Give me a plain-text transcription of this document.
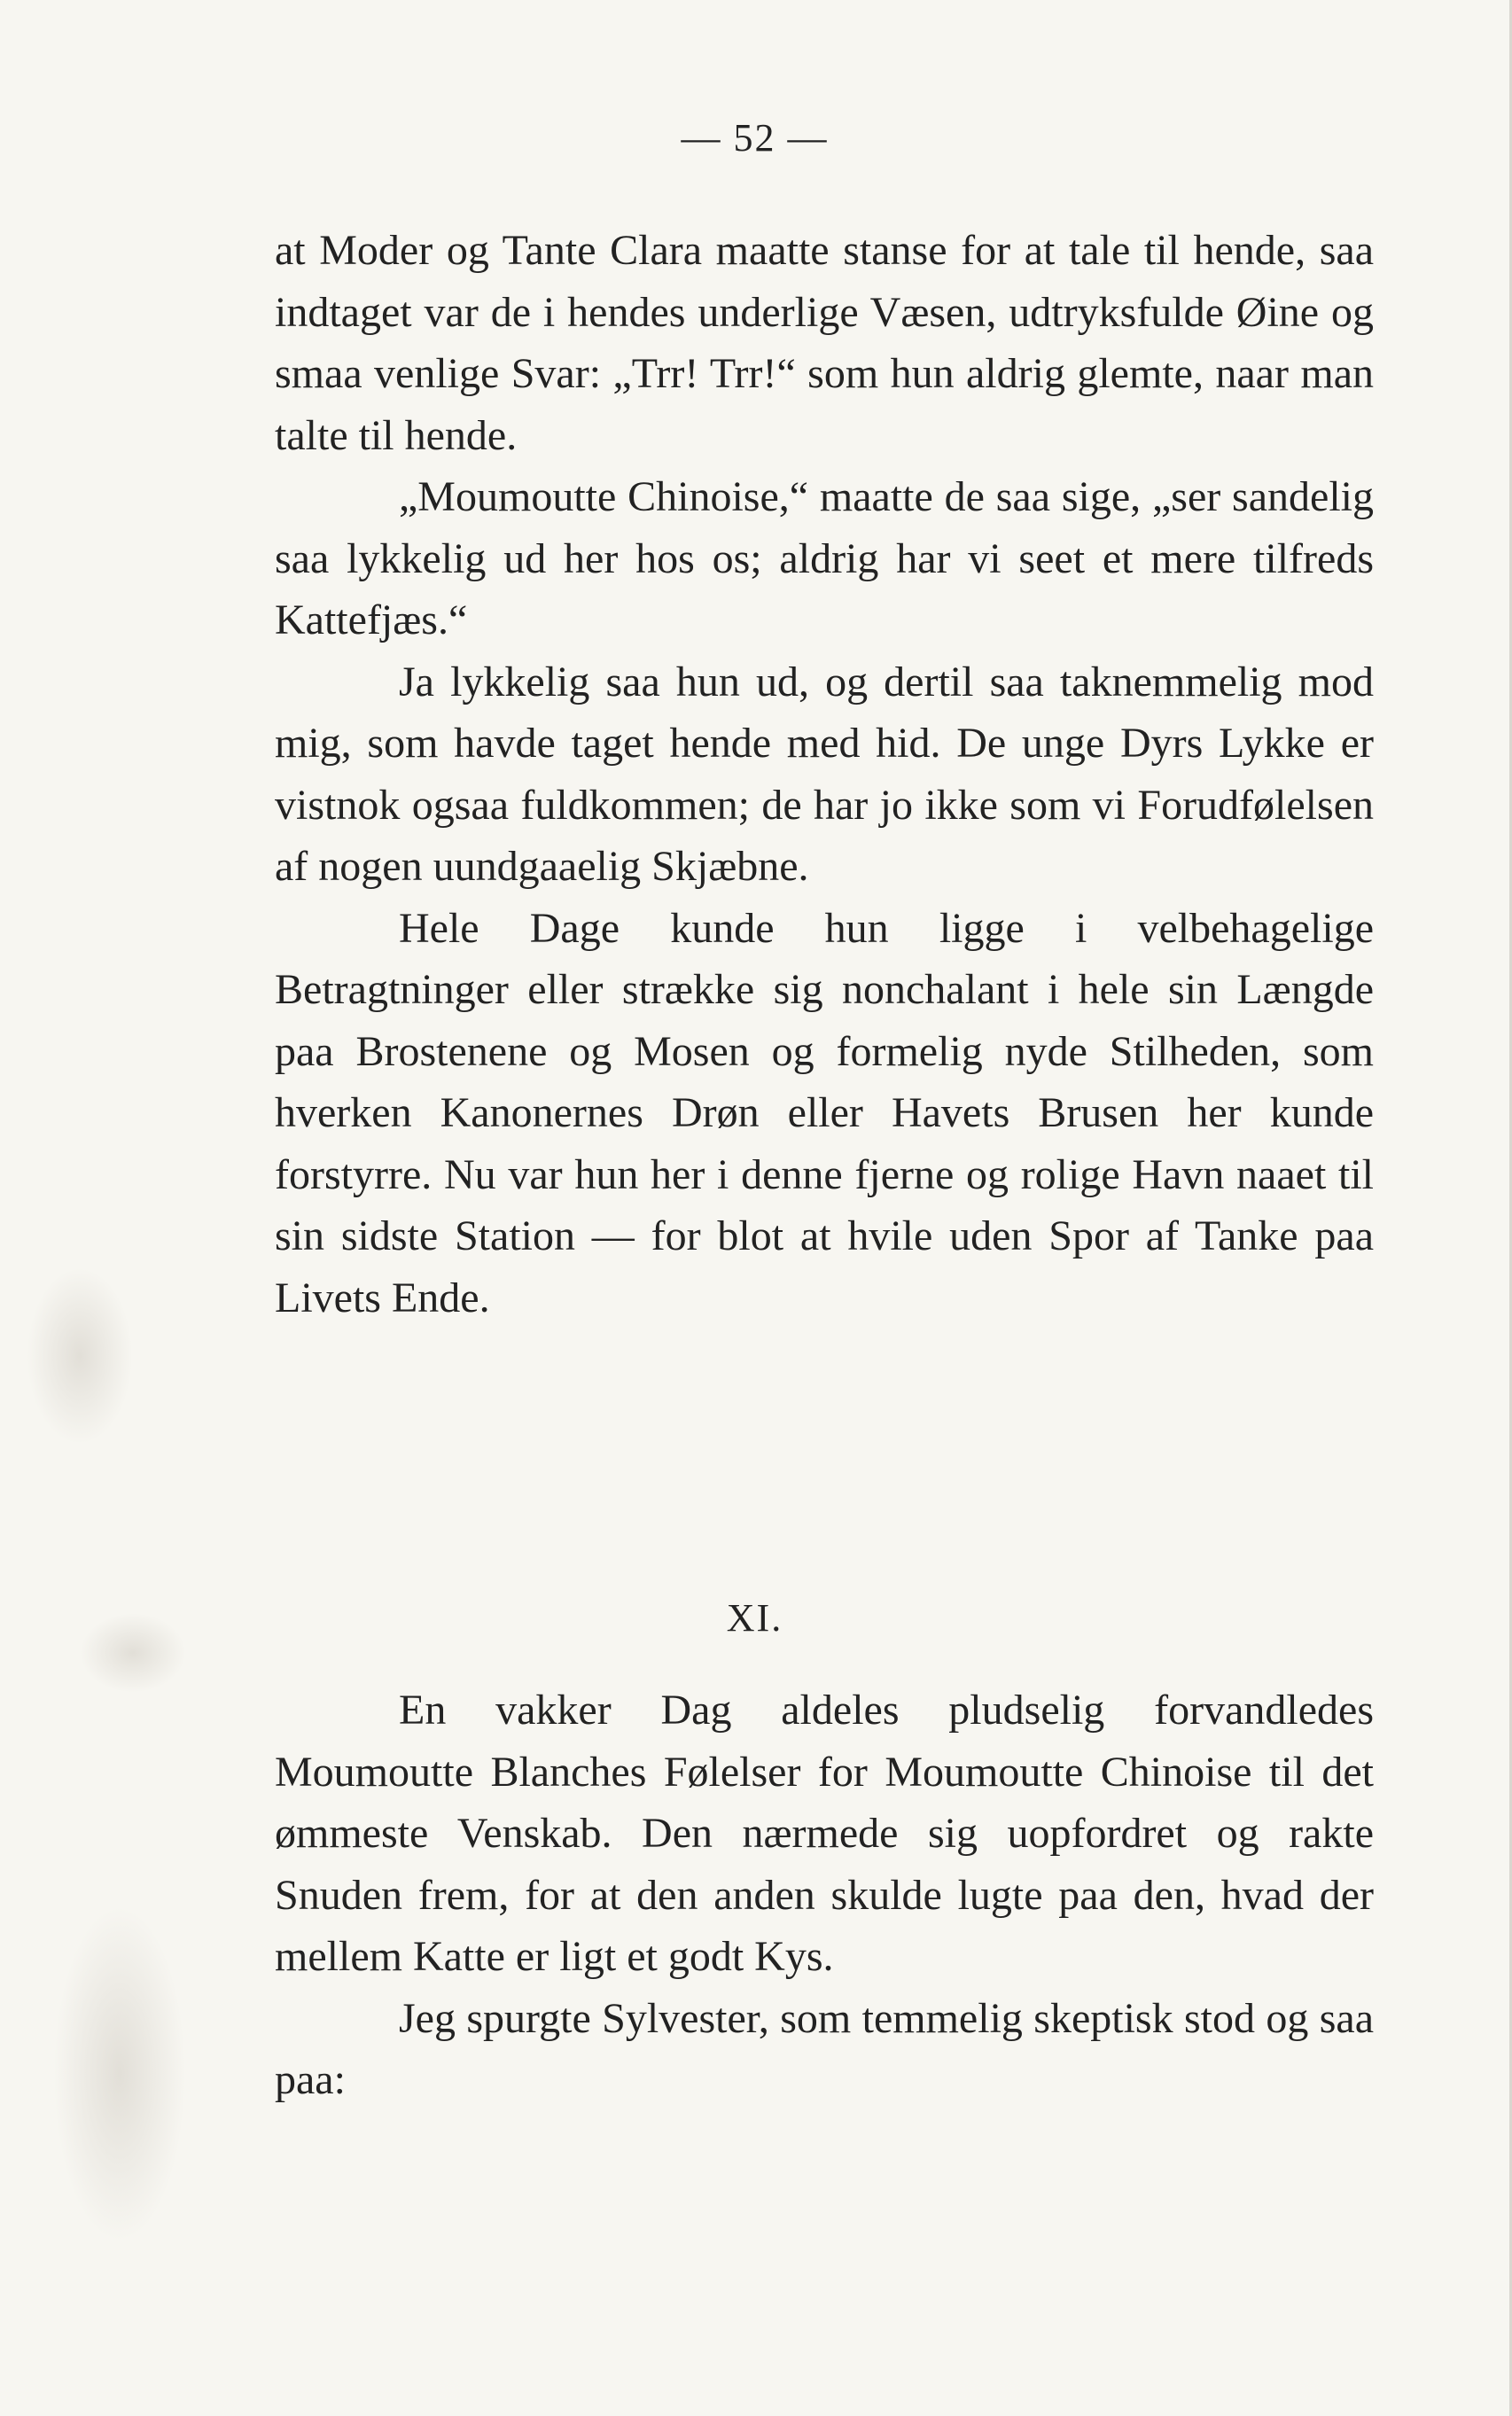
— 52 —

at Moder og Tante Clara maatte stanse for at tale til hende, saa indtaget var de i hendes underlige Væsen, udtryksfulde Øine og smaa venlige Svar: „Trr! Trr!“ som hun aldrig glemte, naar man talte til hende.

„Moumoutte Chinoise,“ maatte de saa sige, „ser sandelig saa lykkelig ud her hos os; aldrig har vi seet et mere tilfreds Kattefjæs.“

Ja lykkelig saa hun ud, og dertil saa taknemmelig mod mig, som havde taget hende med hid. De unge Dyrs Lykke er vistnok ogsaa fuldkommen; de har jo ikke som vi Forudfølelsen af nogen uundgaaelig Skjæbne.

Hele Dage kunde hun ligge i velbehagelige Betragtninger eller strække sig nonchalant i hele sin Længde paa Brostenene og Mosen og formelig nyde Stilheden, som hverken Kanonernes Drøn eller Havets Brusen her kunde forstyrre. Nu var hun her i denne fjerne og rolige Havn naaet til sin sidste Station — for blot at hvile uden Spor af Tanke paa Livets Ende.

XI.

En vakker Dag aldeles pludselig forvandledes Moumoutte Blanches Følelser for Moumoutte Chinoise til det ømmeste Venskab. Den nærmede sig uopfordret og rakte Snuden frem, for at den anden skulde lugte paa den, hvad der mellem Katte er ligt et godt Kys.

Jeg spurgte Sylvester, som temmelig skeptisk stod og saa paa:
